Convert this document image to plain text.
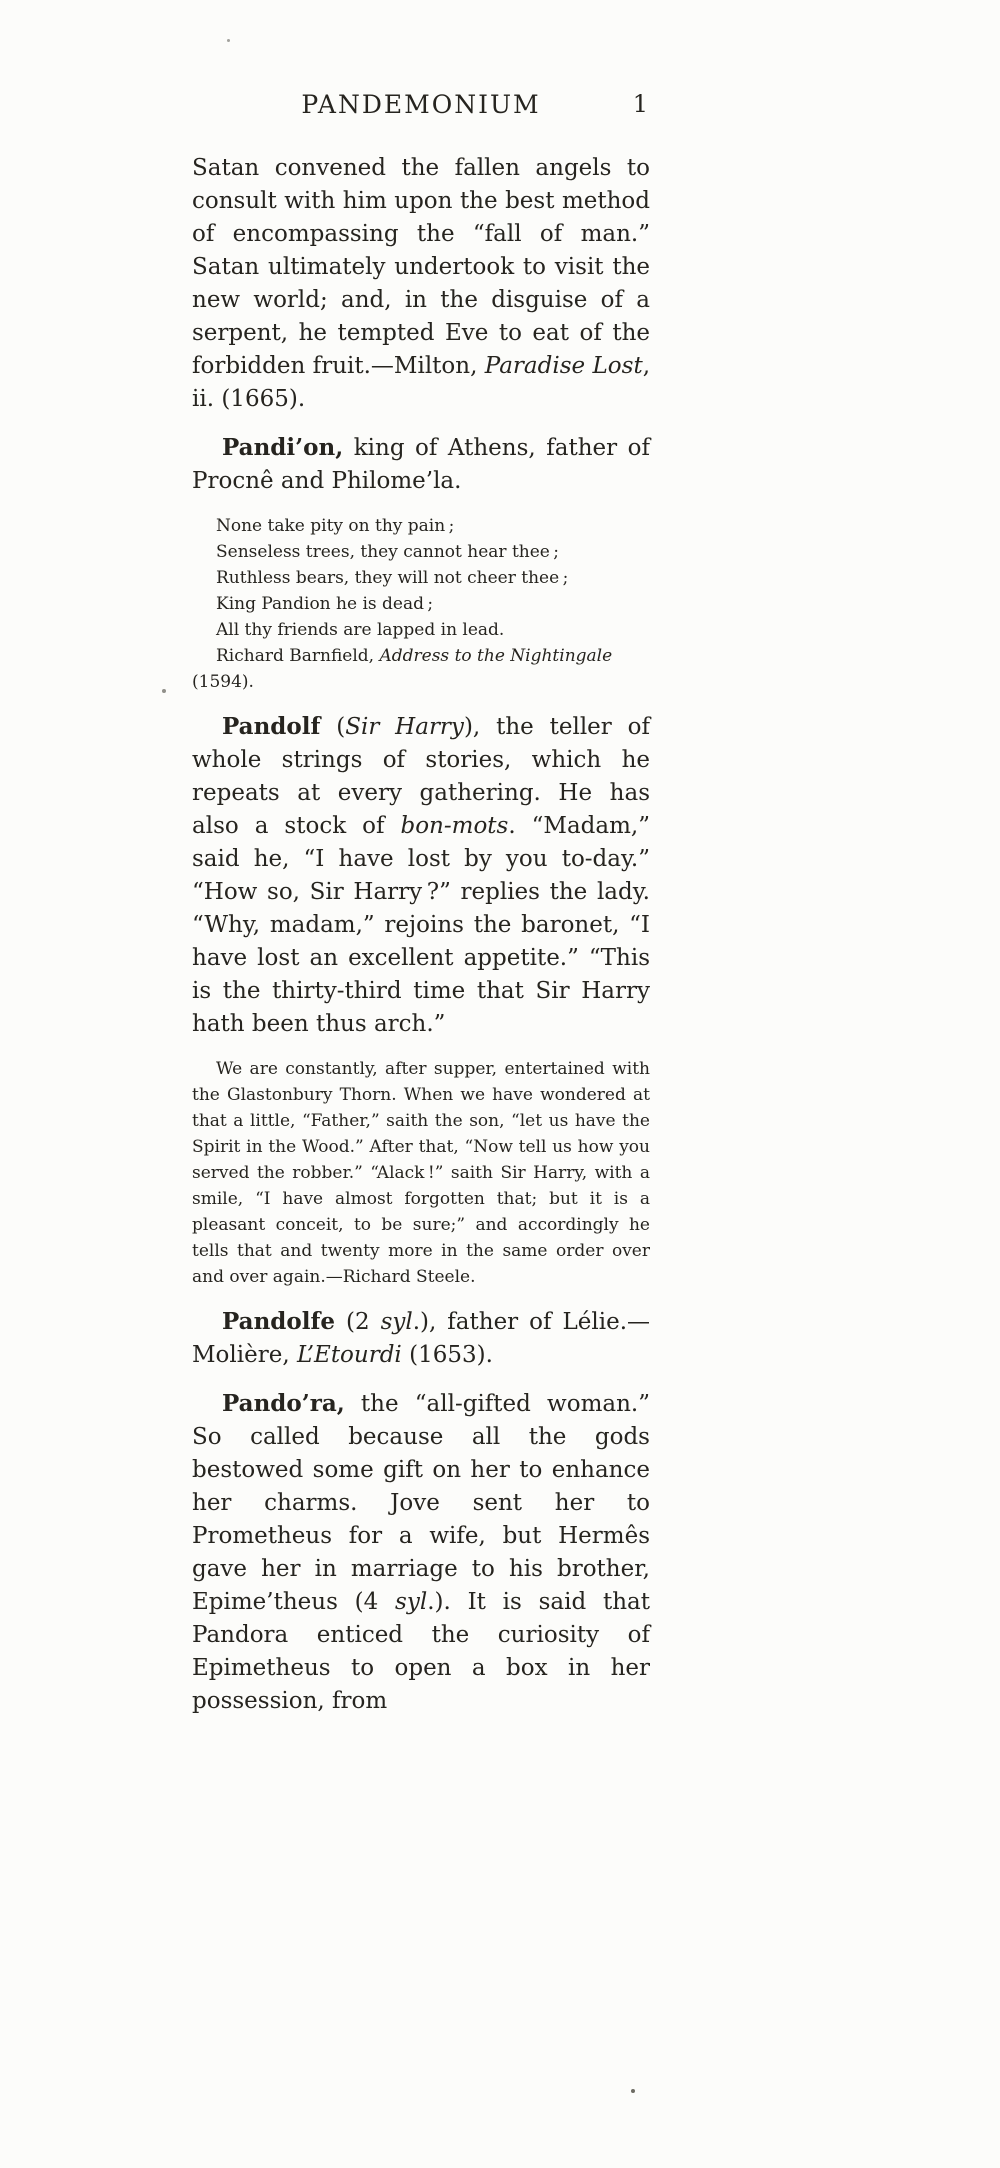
PANDEMONIUM	1

Satan convened the fallen angels to consult with him upon the best method of encompassing the “fall of man.” Satan ultimately undertook to visit the new world; and, in the disguise of a serpent, he tempted Eve to eat of the forbidden fruit.—Milton, Paradise Lost, ii. (1665).

Pandi’on, king of Athens, father of Procnê and Philome’la.

None take pity on thy pain ;
Senseless trees, they cannot hear thee ;
Ruthless bears, they will not cheer thee ;
King Pandion he is dead ;
All thy friends are lapped in lead.
Richard Barnfield, Address to the Nightingale
(1594).

Pandolf (Sir Harry), the teller of whole strings of stories, which he repeats at every gathering. He has also a stock of bon-mots. “Madam,” said he, “I have lost by you to-day.” “How so, Sir Harry ?” replies the lady. “Why, madam,” rejoins the baronet, “I have lost an excellent appetite.” “This is the thirty-third time that Sir Harry hath been thus arch.”

We are constantly, after supper, entertained with the Glastonbury Thorn. When we have wondered at that a little, “Father,” saith the son, “let us have the Spirit in the Wood.” After that, “Now tell us how you served the robber.” “Alack !” saith Sir Harry, with a smile, “I have almost forgotten that; but it is a pleasant conceit, to be sure;” and accordingly he tells that and twenty more in the same order over and over again.—Richard Steele.

Pandolfe (2 syl.), father of Lélie.—Molière, L’Etourdi (1653).

Pando’ra, the “all-gifted woman.” So called because all the gods bestowed some gift on her to enhance her charms. Jove sent her to Prometheus for a wife, but Hermês gave her in marriage to his brother, Epime’theus (4 syl.). It is said that Pandora enticed the curiosity of Epimetheus to open a box in her possession, from
